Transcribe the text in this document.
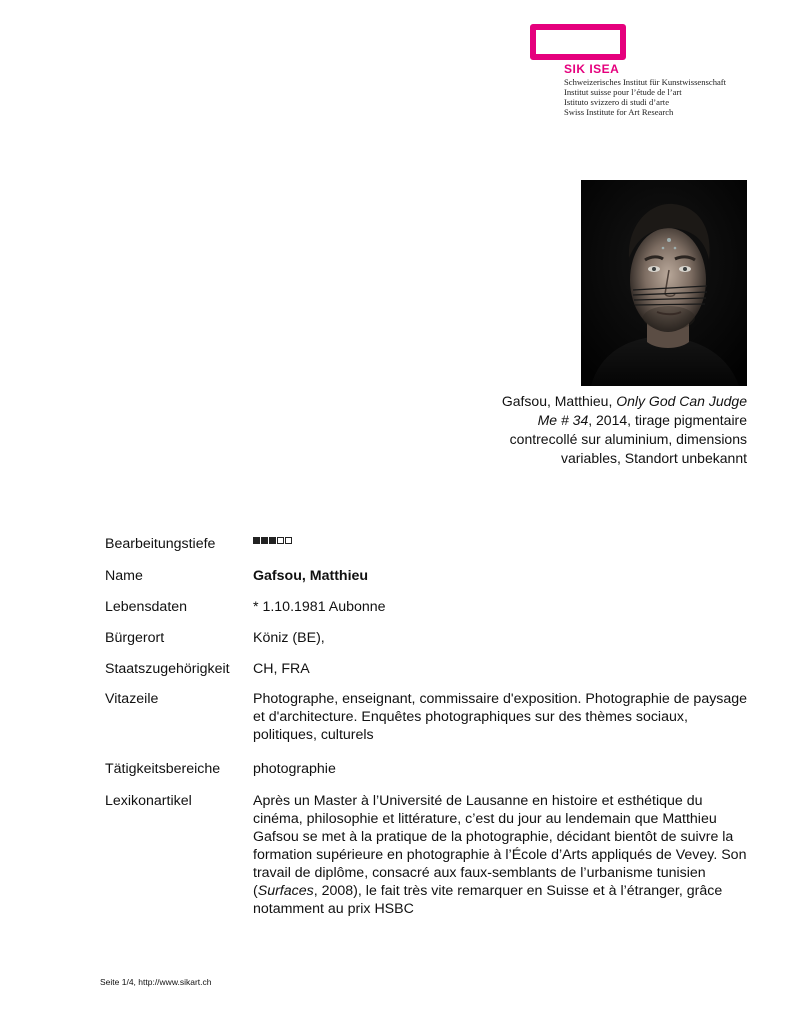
SIK ISEA
Schweizerisches Institut für Kunstwissenschaft
Institut suisse pour l’étude de l’art
Istituto svizzero di studi d’arte
Swiss Institute for Art Research
Gafsou, Matthieu, Only God Can Judge Me # 34, 2014, tirage pigmentaire contrecollé sur aluminium, dimensions variables, Standort unbekannt
Bearbeitungstiefe
Name	Gafsou, Matthieu
Lebensdaten	* 1.10.1981 Aubonne
Bürgerort	Köniz (BE),
Staatszugehörigkeit	CH, FRA
Vitazeile	Photographe, enseignant, commissaire d'exposition. Photographie de paysage et d'architecture. Enquêtes photographiques sur des thèmes sociaux, politiques, culturels
Tätigkeitsbereiche	photographie
Lexikonartikel	Après un Master à l’Université de Lausanne en histoire et esthétique du cinéma, philosophie et littérature, c’est du jour au lendemain que Matthieu Gafsou se met à la pratique de la photographie, décidant bientôt de suivre la formation supérieure en photographie à l’École d’Arts appliqués de Vevey. Son travail de diplôme, consacré aux faux-semblants de l’urbanisme tunisien (Surfaces, 2008), le fait très vite remarquer en Suisse et à l’étranger, grâce notamment au prix HSBC
Seite 1/4, http://www.sikart.ch
